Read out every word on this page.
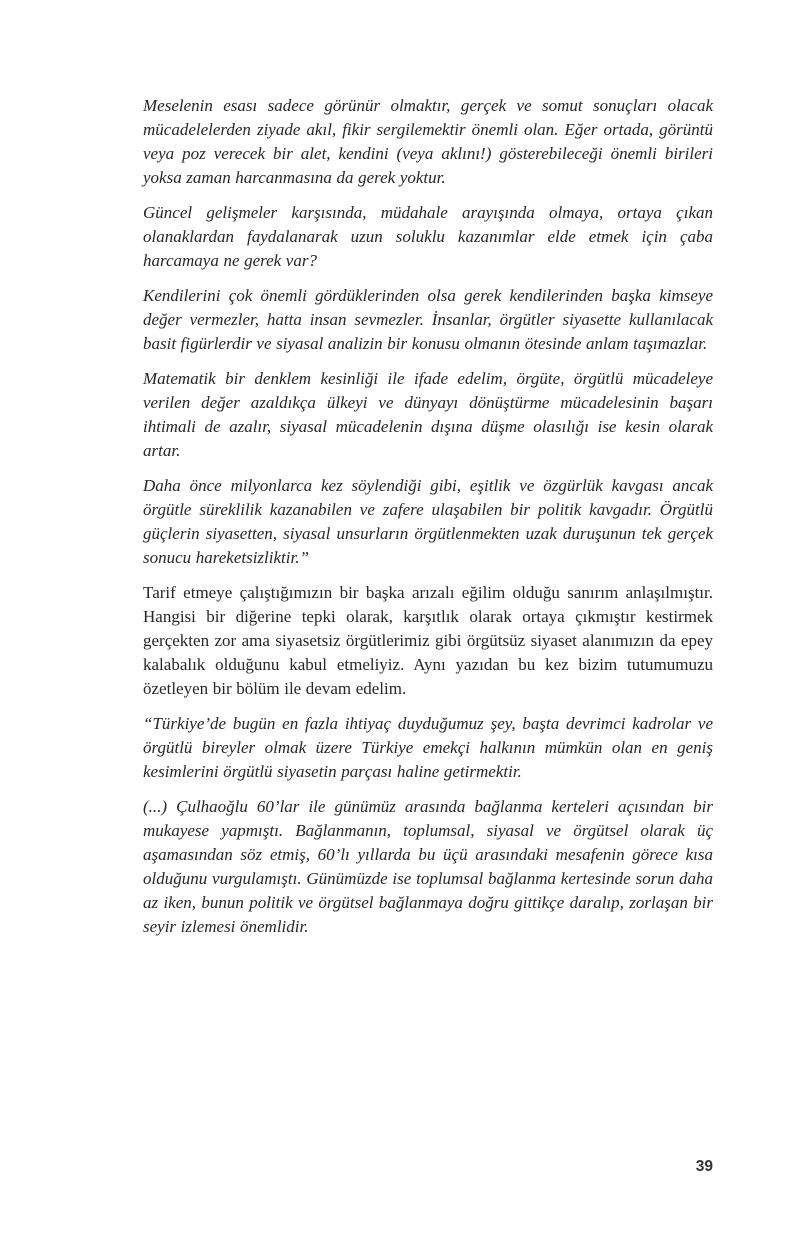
Meselenin esası sadece görünür olmaktır, gerçek ve somut sonuçları olacak mücadelelerden ziyade akıl, fikir sergilemektir önemli olan. Eğer ortada, görüntü veya poz verecek bir alet, kendini (veya aklını!) gösterebileceği önemli birileri yoksa zaman harcanmasına da gerek yoktur.

Güncel gelişmeler karşısında, müdahale arayışında olmaya, ortaya çıkan olanaklardan faydalanarak uzun soluklu kazanımlar elde etmek için çaba harcamaya ne gerek var?

Kendilerini çok önemli gördüklerinden olsa gerek kendilerinden başka kimseye değer vermezler, hatta insan sevmezler. İnsanlar, örgütler siyasette kullanılacak basit figürlerdir ve siyasal analizin bir konusu olmanın ötesinde anlam taşımazlar.

Matematik bir denklem kesinliği ile ifade edelim, örgüte, örgütlü mücadeleye verilen değer azaldıkça ülkeyi ve dünyayı dönüştürme mücadelesinin başarı ihtimali de azalır, siyasal mücadelenin dışına düşme olasılığı ise kesin olarak artar.

Daha önce milyonlarca kez söylendiği gibi, eşitlik ve özgürlük kavgası ancak örgütle süreklilik kazanabilen ve zafere ulaşabilen bir politik kavgadır. Örgütlü güçlerin siyasetten, siyasal unsurların örgütlenmekten uzak duruşunun tek gerçek sonucu hareketsizliktir.”

Tarif etmeye çalıştığımızın bir başka arızalı eğilim olduğu sanırım anlaşılmıştır. Hangisi bir diğerine tepki olarak, karşıtlık olarak ortaya çıkmıştır kestirmek gerçekten zor ama siyasetsiz örgütlerimiz gibi örgütsüz siyaset alanımızın da epey kalabalık olduğunu kabul etmeliyiz. Aynı yazıdan bu kez bizim tutumumuzu özetleyen bir bölüm ile devam edelim.

“Türkiye’de bugün en fazla ihtiyaç duyduğumuz şey, başta devrimci kadrolar ve örgütlü bireyler olmak üzere Türkiye emekçi halkının mümkün olan en geniş kesimlerini örgütlü siyasetin parçası haline getirmektir.

(...) Çulhaoğlu 60’lar ile günümüz arasında bağlanma kerteleri açısından bir mukayese yapmıştı. Bağlanmanın, toplumsal, siyasal ve örgütsel olarak üç aşamasından söz etmiş, 60’lı yıllarda bu üçü arasındaki mesafenin görece kısa olduğunu vurgulamıştı. Günümüzde ise toplumsal bağlanma kertesinde sorun daha az iken, bunun politik ve örgütsel bağlanmaya doğru gittikçe daralıp, zorlaşan bir seyir izlemesi önemlidir.

39
